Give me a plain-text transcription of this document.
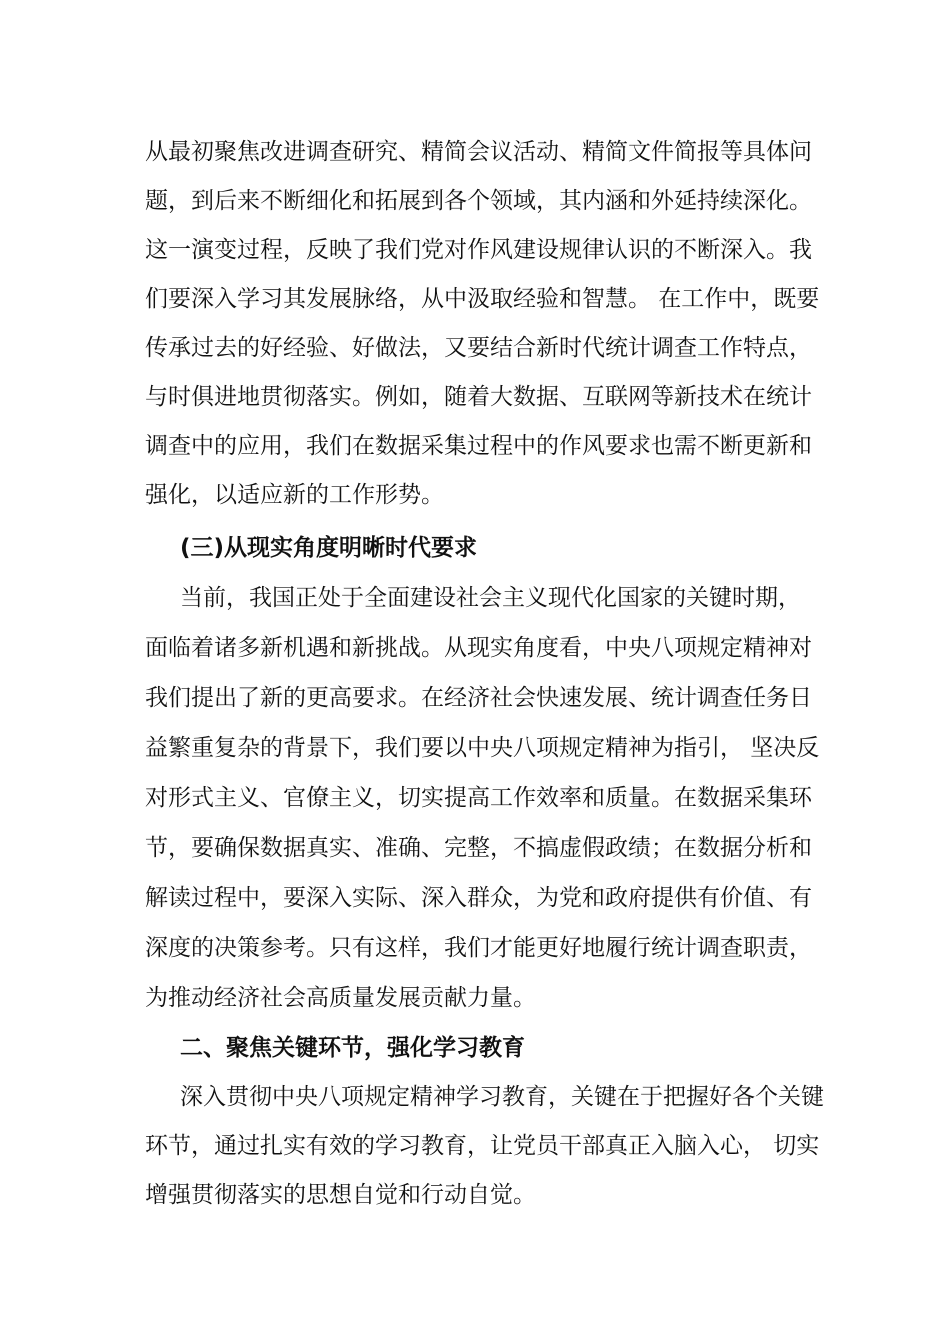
从最初聚焦改进调查研究、精简会议活动、精简文件简报等具体问
题，到后来不断细化和拓展到各个领域，其内涵和外延持续深化。
这一演变过程，反映了我们党对作风建设规律认识的不断深入。我
们要深入学习其发展脉络，从中汲取经验和智慧。 在工作中，既要
传承过去的好经验、好做法，又要结合新时代统计调查工作特点，
与时俱进地贯彻落实。例如，随着大数据、互联网等新技术在统计
调查中的应用，我们在数据采集过程中的作风要求也需不断更新和
强化，以适应新的工作形势。
(三)从现实角度明晰时代要求
当前，我国正处于全面建设社会主义现代化国家的关键时期，
面临着诸多新机遇和新挑战。从现实角度看，中央八项规定精神对
我们提出了新的更高要求。在经济社会快速发展、统计调查任务日
益繁重复杂的背景下，我们要以中央八项规定精神为指引， 坚决反
对形式主义、官僚主义，切实提高工作效率和质量。在数据采集环
节，要确保数据真实、准确、完整，不搞虚假政绩；在数据分析和
解读过程中，要深入实际、深入群众，为党和政府提供有价值、有
深度的决策参考。只有这样，我们才能更好地履行统计调查职责，
为推动经济社会高质量发展贡献力量。
二、聚焦关键环节，强化学习教育
深入贯彻中央八项规定精神学习教育，关键在于把握好各个关键
环节，通过扎实有效的学习教育，让党员干部真正入脑入心， 切实
增强贯彻落实的思想自觉和行动自觉。
